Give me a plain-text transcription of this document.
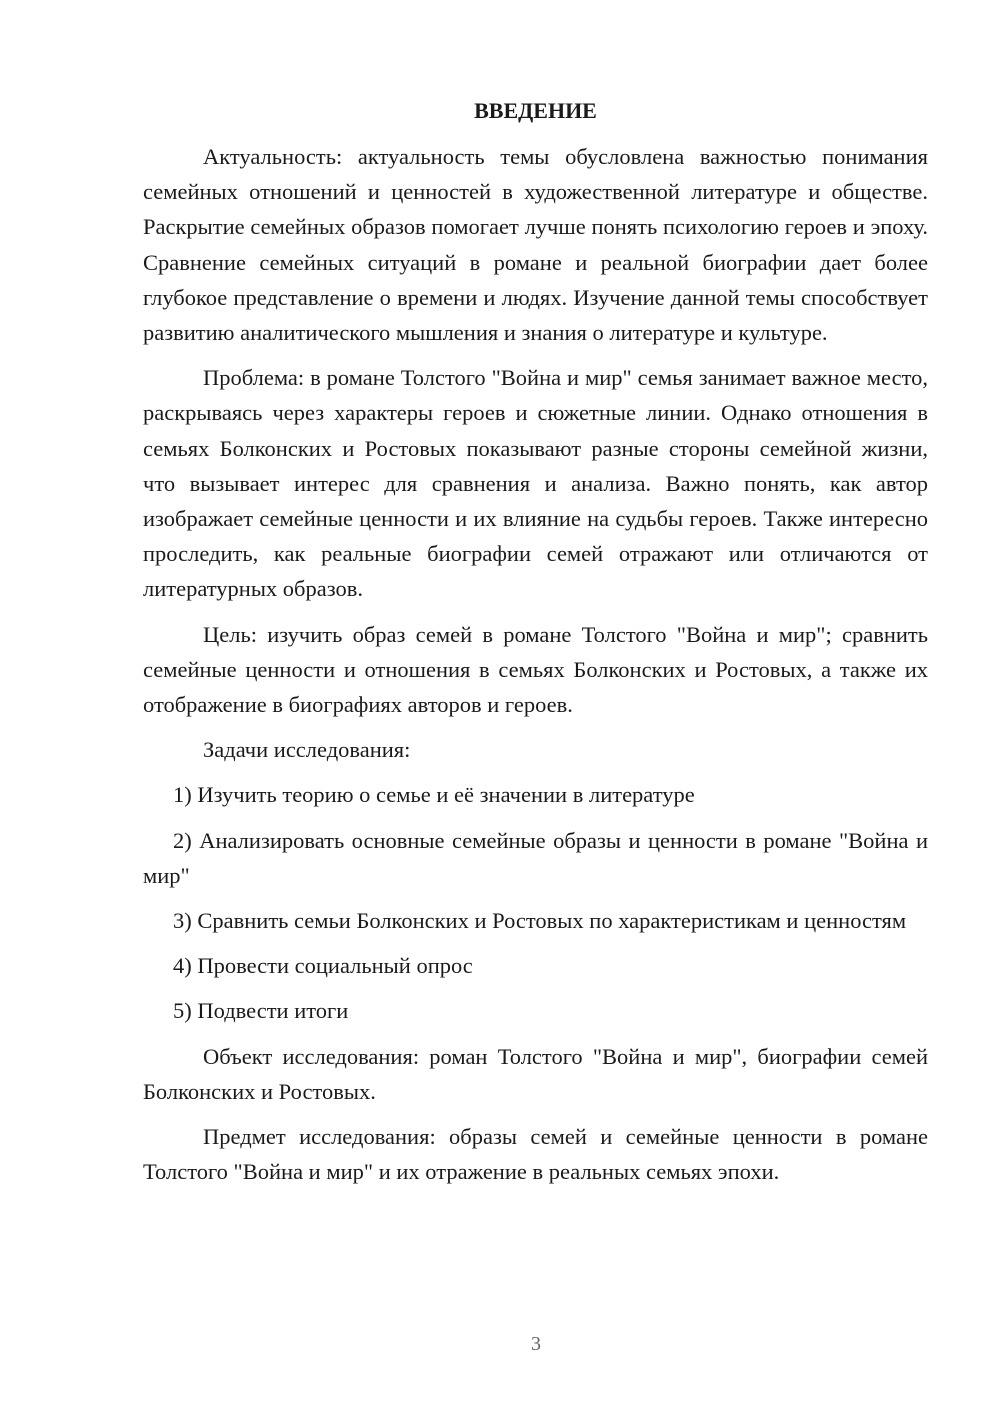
ВВЕДЕНИЕ

Актуальность: актуальность темы обусловлена важностью понимания семейных отношений и ценностей в художественной литературе и обществе. Раскрытие семейных образов помогает лучше понять психологию героев и эпоху. Сравнение семейных ситуаций в романе и реальной биографии дает более глубокое представление о времени и людях. Изучение данной темы способствует развитию аналитического мышления и знания о литературе и культуре.

Проблема: в романе Толстого "Война и мир" семья занимает важное место, раскрываясь через характеры героев и сюжетные линии. Однако отношения в семьях Болконских и Ростовых показывают разные стороны семейной жизни, что вызывает интерес для сравнения и анализа. Важно понять, как автор изображает семейные ценности и их влияние на судьбы героев. Также интересно проследить, как реальные биографии семей отражают или отличаются от литературных образов.

Цель: изучить образ семей в романе Толстого "Война и мир"; сравнить семейные ценности и отношения в семьях Болконских и Ростовых, а также их отображение в биографиях авторов и героев.

Задачи исследования:

1) Изучить теорию о семье и её значении в литературе

2) Анализировать основные семейные образы и ценности в романе "Война и мир"

3) Сравнить семьи Болконских и Ростовых по характеристикам и ценностям

4) Провести социальный опрос

5) Подвести итоги

Объект исследования: роман Толстого "Война и мир", биографии семей Болконских и Ростовых.

Предмет исследования: образы семей и семейные ценности в романе Толстого "Война и мир" и их отражение в реальных семьях эпохи.

3
